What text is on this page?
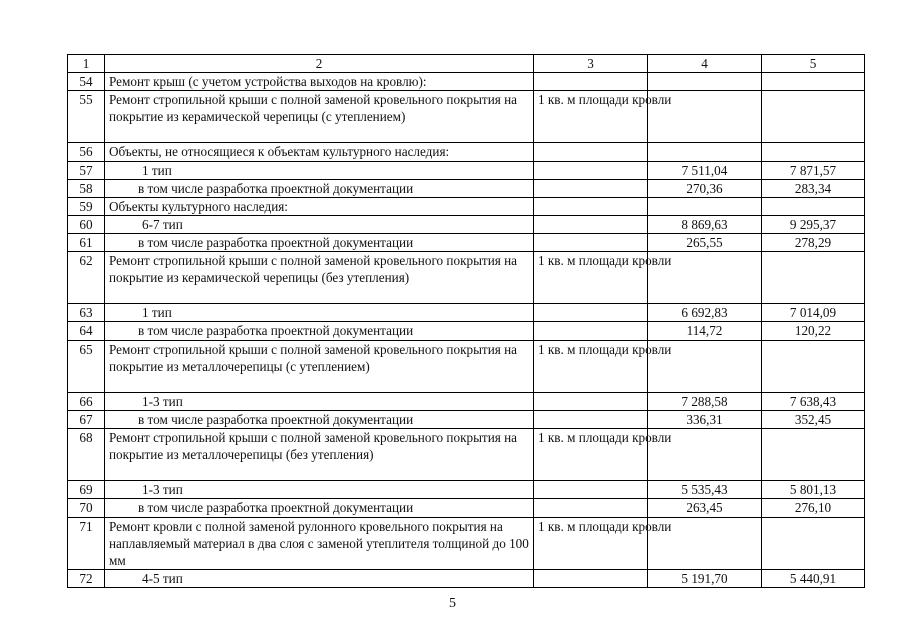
1	2	3	4	5
54	Ремонт крыш (с учетом устройства выходов на кровлю):			
55	Ремонт стропильной крыши с полной заменой кровельного покрытия на покрытие из керамической черепицы (с утеплением)	1 кв. м площади кровли		
56	Объекты, не относящиеся к объектам культурного наследия:			
57	1 тип		7 511,04	7 871,57
58	в том числе разработка проектной документации		270,36	283,34
59	Объекты культурного наследия:			
60	6-7 тип		8 869,63	9 295,37
61	в том числе разработка проектной документации		265,55	278,29
62	Ремонт стропильной крыши с полной заменой кровельного покрытия на покрытие из керамической черепицы (без утепления)	1 кв. м площади кровли		
63	1 тип		6 692,83	7 014,09
64	в том числе разработка проектной документации		114,72	120,22
65	Ремонт стропильной крыши с полной заменой кровельного покрытия на покрытие из металлочерепицы (с утеплением)	1 кв. м площади кровли		
66	1-3 тип		7 288,58	7 638,43
67	в том числе разработка проектной документации		336,31	352,45
68	Ремонт стропильной крыши с полной заменой кровельного покрытия на покрытие из металлочерепицы (без утепления)	1 кв. м площади кровли		
69	1-3 тип		5 535,43	5 801,13
70	в том числе разработка проектной документации		263,45	276,10
71	Ремонт кровли с полной заменой рулонного кровельного покрытия на наплавляемый материал в два слоя с заменой утеплителя толщиной до 100 мм	1 кв. м площади кровли		
72	4-5 тип		5 191,70	5 440,91
5
